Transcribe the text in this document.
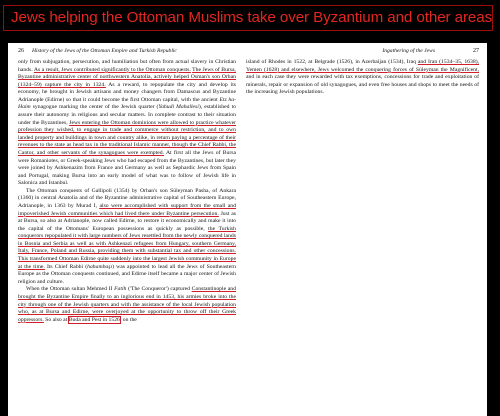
Jews helping the Ottoman Muslims take over Byzantium and other areas
26 History of the Jews of the Ottoman Empire and Turkish Republic

only from subjugation, persecution, and humiliation but often from actual slavery in Christian hands. As a result, Jews contributed significantly to the Ottoman conquests. The Jews of Bursa, Byzantine administrative center of northwestern Anatolia, actively helped Osman's son Orhan (1324–59) capture the city in 1324. As a reward, to repopulate the city and develop its economy, he brought in Jewish artisans and money changers from Damascus and Byzantine Adrianople (Edirne) so that it could become the first Ottoman capital, with the ancient Etz ha-Haim synagogue marking the center of the Jewish quarter (Yahudi Mahallesi), established to assure their autonomy in religious and secular matters. In complete contrast to their situation under the Byzantines, Jews entering the Ottoman dominions were allowed to practice whatever profession they wished, to engage in trade and commerce without restriction, and to own landed property and buildings in town and country alike, in return paying a percentage of their revenues to the state as head tax in the traditional Islamic manner, though the Chief Rabbi, the Cantor, and other servants of the synagogues were exempted. At first all the Jews of Bursa were Romaniotes, or Greek-speaking Jews who had escaped from the Byzantines, but later they were joined by Ashkenazim from France and Germany as well as Sephardic Jews from Spain and Portugal, making Bursa into an early model of what was to follow of Jewish life in Salonica and Istanbul.

The Ottoman conquests of Gallipoli (1354) by Orhan's son Süleyman Pasha, of Ankara (1360) in central Anatolia and of the Byzantine administrative capital of Southeastern Europe, Adrianople, in 1363 by Murad I, also were accomplished with support from the small and impoverished Jewish communities which had lived there under Byzantine persecution. Just as at Bursa, so also at Adrianople, now called Edirne, to restore it economically and make it into the capital of the Ottomans' European possessions as quickly as possible, the Turkish conquerors repopulated it with large numbers of Jews resettled from the newly conquered lands in Bosnia and Serbia as well as with Ashkenazi refugees from Hungary, southern Germany, Italy, France, Poland and Russia, providing them with substantial tax and other concessions. This transformed Ottoman Edirne quite suddenly into the largest Jewish community in Europe at the time. Its Chief Rabbi (hahambaşı) was appointed to lead all the Jews of Southeastern Europe as the Ottoman conquests continued, and Edirne itself became a major center of Jewish religion and culture.

When the Ottoman sultan Mehmed II Fatih ('The Conqueror') captured Constantinople and brought the Byzantine Empire finally to an inglorious end in 1453, his armies broke into the city through one of the Jewish quarters and with the assistance of the local Jewish population who, as at Bursa and Edirne, were overjoyed at the opportunity to throw off their Greek oppressors. So also at Buda and Pest in 1526, on the

Ingathering of the Jews	27

island of Rhodes in 1522, at Belgrade (1526), in Azerbaijan (1534), Iraq and Iran (1534–35, 1638), Yemen (1628) and elsewhere, Jews welcomed the conquering forces of Süleyman the Magnificent, and in each case they were rewarded with tax exemptions, concessions for trade and exploitation of minerals, repair or expansion of old synagogues, and even free houses and shops to meet the needs of the increasing Jewish populations.
